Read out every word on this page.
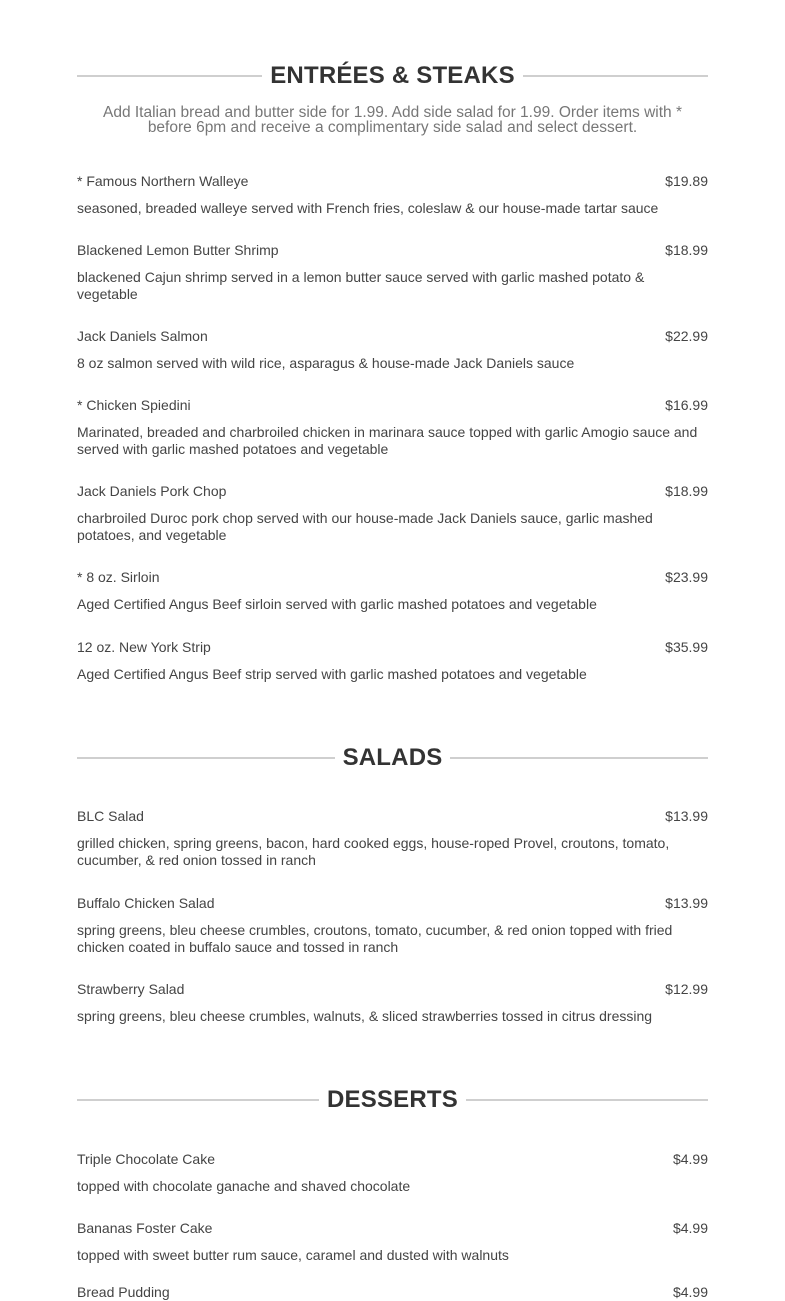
ENTRÉES & STEAKS
Add Italian bread and butter side for 1.99. Add side salad for 1.99. Order items with * before 6pm and receive a complimentary side salad and select dessert.
* Famous Northern Walleye	$19.89
seasoned, breaded walleye served with French fries, coleslaw & our house-made tartar sauce
Blackened Lemon Butter Shrimp	$18.99
blackened Cajun shrimp served in a lemon butter sauce served with garlic mashed potato & vegetable
Jack Daniels Salmon	$22.99
8 oz salmon served with wild rice, asparagus & house-made Jack Daniels sauce
* Chicken Spiedini	$16.99
Marinated, breaded and charbroiled chicken in marinara sauce topped with garlic Amogio sauce and served with garlic mashed potatoes and vegetable
Jack Daniels Pork Chop	$18.99
charbroiled Duroc pork chop served with our house-made Jack Daniels sauce, garlic mashed potatoes, and vegetable
* 8 oz. Sirloin	$23.99
Aged Certified Angus Beef sirloin served with garlic mashed potatoes and vegetable
12 oz. New York Strip	$35.99
Aged Certified Angus Beef strip served with garlic mashed potatoes and vegetable
SALADS
BLC Salad	$13.99
grilled chicken, spring greens, bacon, hard cooked eggs, house-roped Provel, croutons, tomato, cucumber, & red onion tossed in ranch
Buffalo Chicken Salad	$13.99
spring greens, bleu cheese crumbles, croutons, tomato, cucumber, & red onion topped with fried chicken coated in buffalo sauce and tossed in ranch
Strawberry Salad	$12.99
spring greens, bleu cheese crumbles, walnuts, & sliced strawberries tossed in citrus dressing
DESSERTS
Triple Chocolate Cake	$4.99
topped with chocolate ganache and shaved chocolate
Bananas Foster Cake	$4.99
topped with sweet butter rum sauce, caramel and dusted with walnuts
Bread Pudding	$4.99
